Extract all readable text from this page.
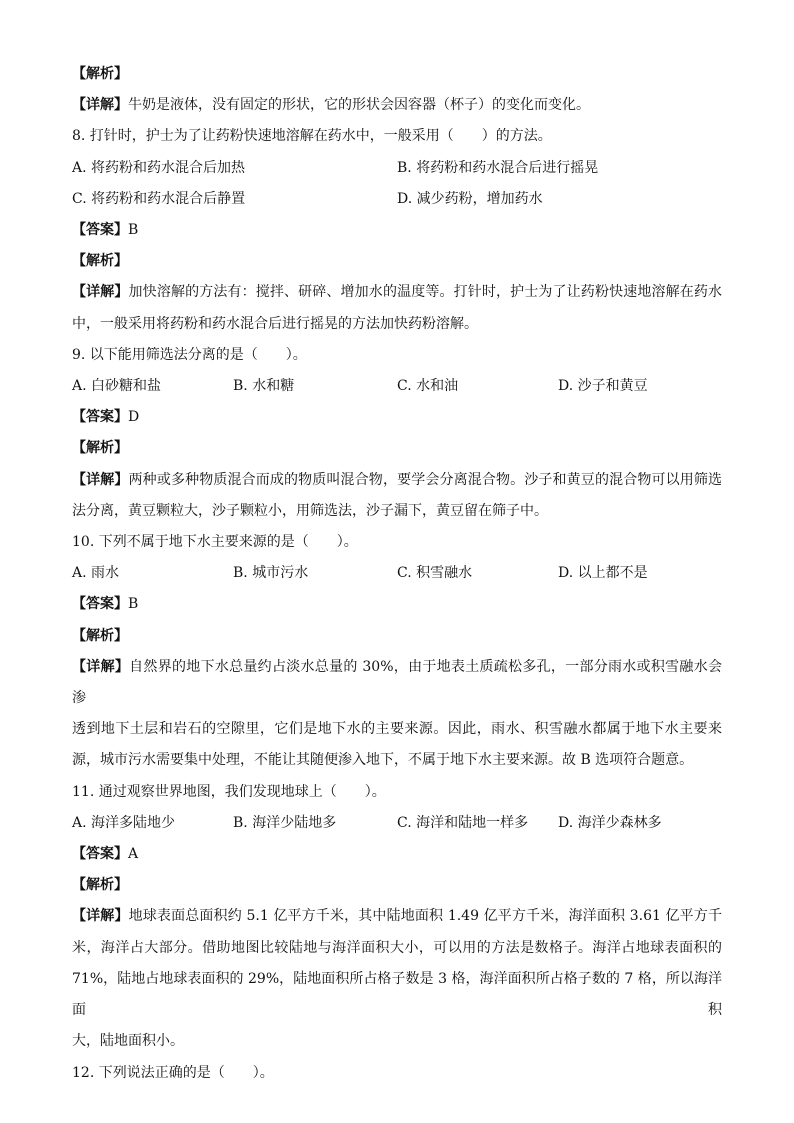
【解析】
【详解】牛奶是液体，没有固定的形状，它的形状会因容器（杯子）的变化而变化。
8. 打针时，护士为了让药粉快速地溶解在药水中，一般采用（　　）的方法。
A. 将药粉和药水混合后加热	B. 将药粉和药水混合后进行摇晃
C. 将药粉和药水混合后静置	D. 减少药粉，增加药水
【答案】B
【解析】
【详解】加快溶解的方法有：搅拌、研碎、增加水的温度等。打针时，护士为了让药粉快速地溶解在药水
中，一般采用将药粉和药水混合后进行摇晃的方法加快药粉溶解。
9. 以下能用筛选法分离的是（　　）。
A. 白砂糖和盐	B. 水和糖	C. 水和油	D. 沙子和黄豆
【答案】D
【解析】
【详解】两种或多种物质混合而成的物质叫混合物，要学会分离混合物。沙子和黄豆的混合物可以用筛选
法分离，黄豆颗粒大，沙子颗粒小，用筛选法，沙子漏下，黄豆留在筛子中。
10. 下列不属于地下水主要来源的是（　　）。
A. 雨水	B. 城市污水	C. 积雪融水	D. 以上都不是
【答案】B
【解析】
【详解】自然界的地下水总量约占淡水总量的 30%，由于地表土质疏松多孔，一部分雨水或积雪融水会渗
透到地下土层和岩石的空隙里，它们是地下水的主要来源。因此，雨水、积雪融水都属于地下水主要来
源，城市污水需要集中处理，不能让其随便渗入地下，不属于地下水主要来源。故 B 选项符合题意。
11. 通过观察世界地图，我们发现地球上（　　）。
A. 海洋多陆地少	B. 海洋少陆地多	C. 海洋和陆地一样多	D. 海洋少森林多
【答案】A
【解析】
【详解】地球表面总面积约 5.1 亿平方千米，其中陆地面积 1.49 亿平方千米，海洋面积 3.61 亿平方千
米，海洋占大部分。借助地图比较陆地与海洋面积大小，可以用的方法是数格子。海洋占地球表面积的
71%，陆地占地球表面积的 29%，陆地面积所占格子数是 3 格，海洋面积所占格子数的 7 格，所以海洋面积
大，陆地面积小。
12. 下列说法正确的是（　　）。
